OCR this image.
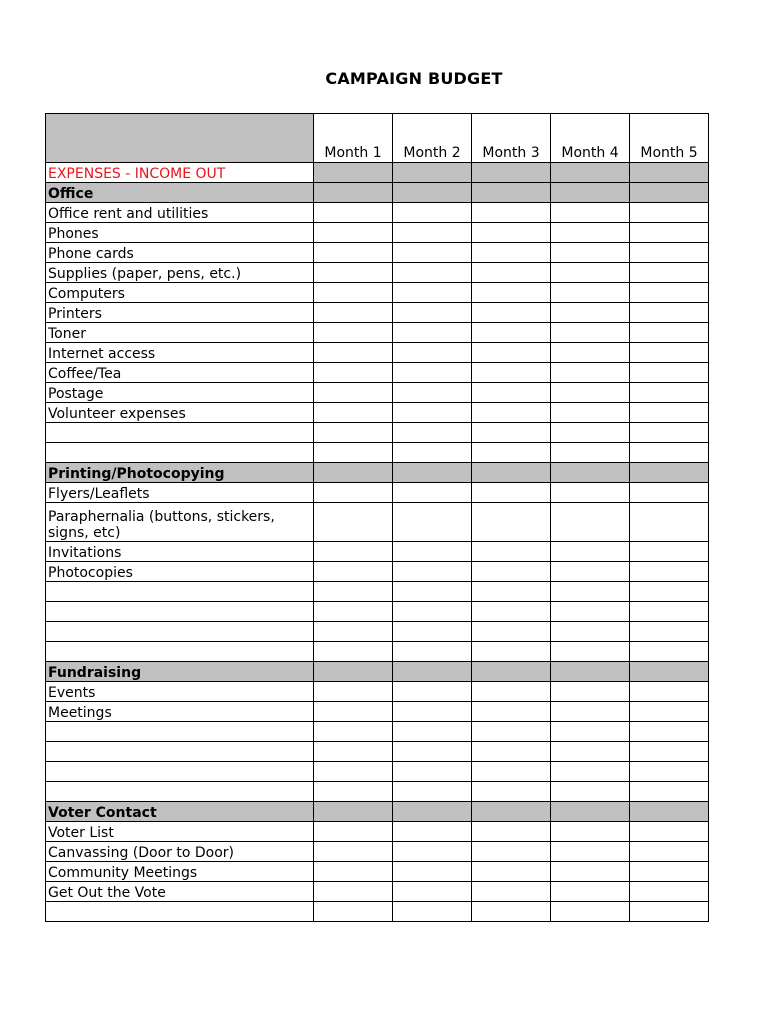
CAMPAIGN BUDGET
	Month 1	Month 2	Month 3	Month 4	Month 5
EXPENSES - INCOME OUT					
Office					
Office rent and utilities					
Phones					
Phone cards					
Supplies (paper, pens, etc.)					
Computers					
Printers					
Toner					
Internet access					
Coffee/Tea					
Postage					
Volunteer expenses					

Printing/Photocopying					
Flyers/Leaflets					
Paraphernalia (buttons, stickers, signs, etc)					
Invitations					
Photocopies					

Fundraising					
Events					
Meetings					

Voter Contact					
Voter List					
Canvassing (Door to Door)					
Community Meetings					
Get Out the Vote					
